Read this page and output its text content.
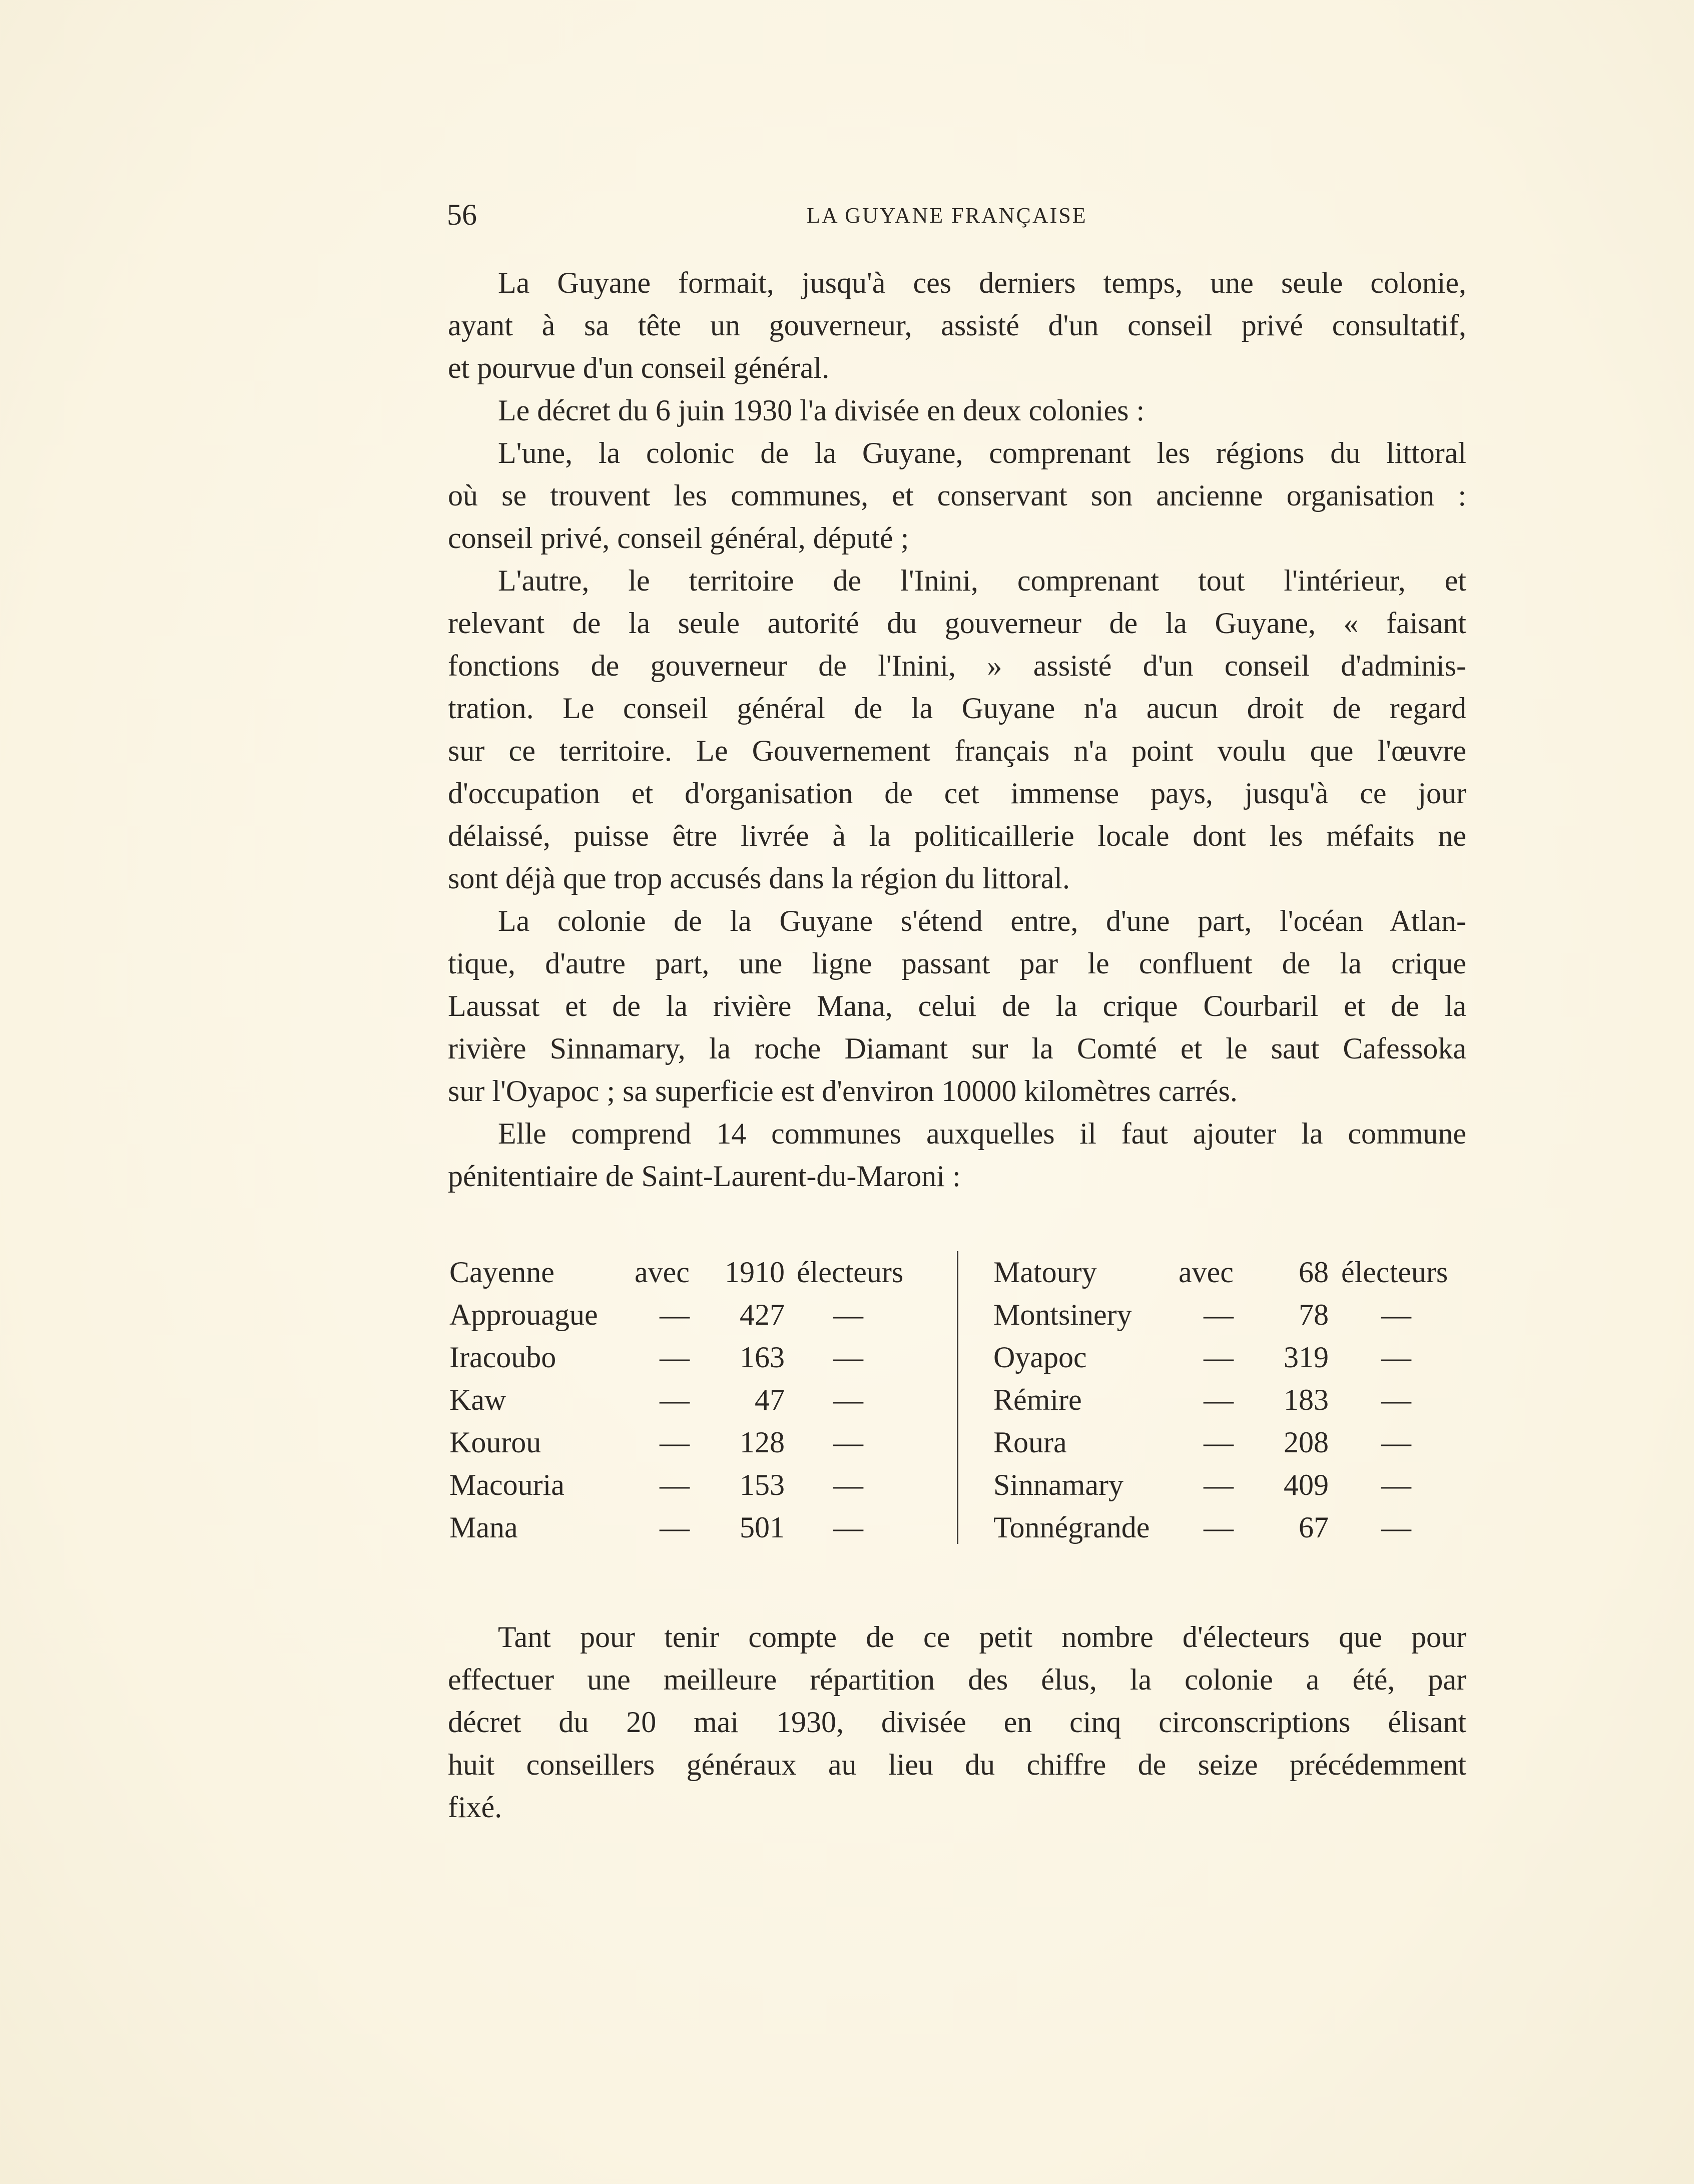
56	LA GUYANE FRANÇAISE
La Guyane formait, jusqu'à ces derniers temps, une seule colonie,
ayant à sa tête un gouverneur, assisté d'un conseil privé consultatif,
et pourvue d'un conseil général.
Le décret du 6 juin 1930 l'a divisée en deux colonies :
L'une, la colonic de la Guyane, comprenant les régions du littoral
où se trouvent les communes, et conservant son ancienne organisation :
conseil privé, conseil général, député ;
L'autre, le territoire de l'Inini, comprenant tout l'intérieur, et
relevant de la seule autorité du gouverneur de la Guyane, « faisant
fonctions de gouverneur de l'Inini, » assisté d'un conseil d'adminis-
tration. Le conseil général de la Guyane n'a aucun droit de regard
sur ce territoire. Le Gouvernement français n'a point voulu que l'œuvre
d'occupation et d'organisation de cet immense pays, jusqu'à ce jour
délaissé, puisse être livrée à la politicaillerie locale dont les méfaits ne
sont déjà que trop accusés dans la région du littoral.
La colonie de la Guyane s'étend entre, d'une part, l'océan Atlan-
tique, d'autre part, une ligne passant par le confluent de la crique
Laussat et de la rivière Mana, celui de la crique Courbaril et de la
rivière Sinnamary, la roche Diamant sur la Comté et le saut Cafessoka
sur l'Oyapoc ; sa superficie est d'environ 10000 kilomètres carrés.
Elle comprend 14 communes auxquelles il faut ajouter la commune
pénitentiaire de Saint-Laurent-du-Maroni :
Cayenne	avec	1910 électeurs
Approuague —	427 —
Iracoubo	—	163 —
Kaw	—	47 —
Kourou	—	128 —
Macouria	—	153 —
Mana	—	501 —
Matoury	avec	68 électeurs
Montsinery —	78 —
Oyapoc	—	319 —
Rémire	—	183 —
Roura	—	208 —
Sinnamary	—	409 —
Tonnégrande —	67 —
Tant pour tenir compte de ce petit nombre d'électeurs que pour
effectuer une meilleure répartition des élus, la colonie a été, par
décret du 20 mai 1930, divisée en cinq circonscriptions élisant
huit conseillers généraux au lieu du chiffre de seize précédemment
fixé.
